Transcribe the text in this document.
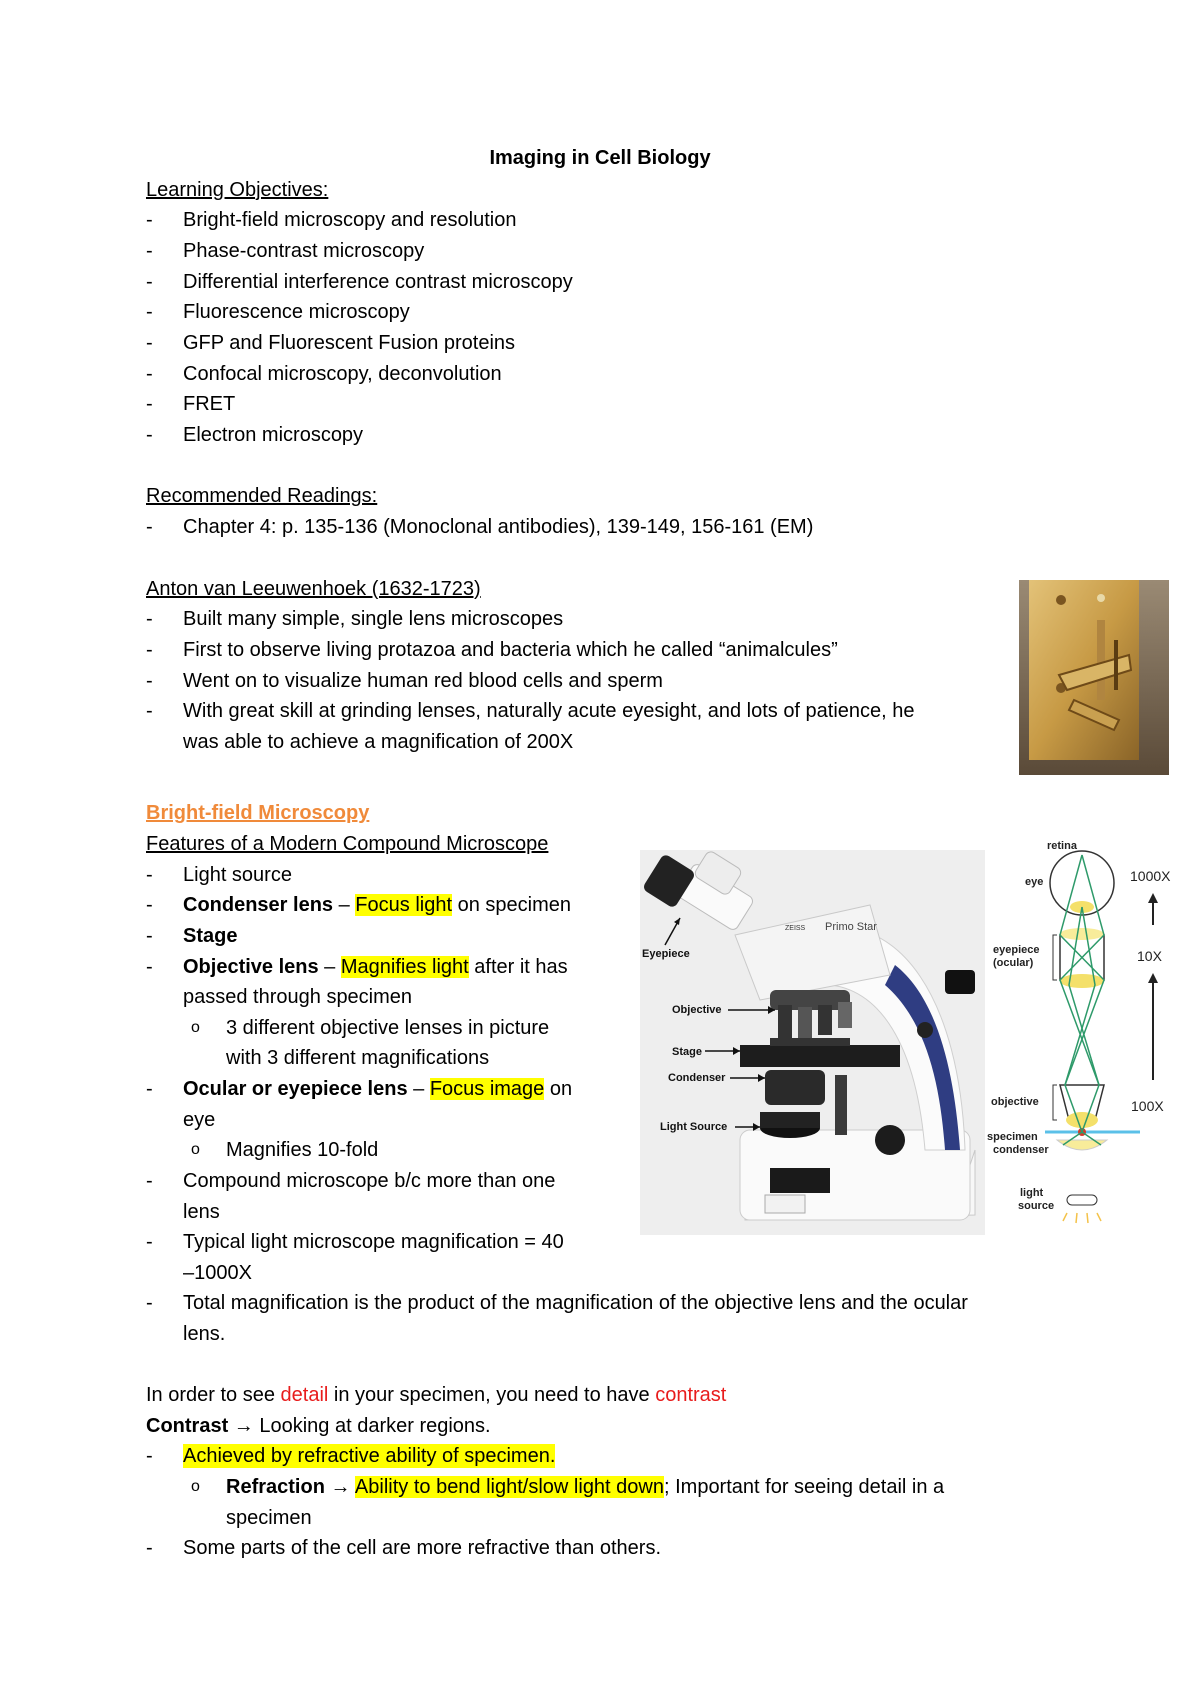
Imaging in Cell Biology
Learning Objectives:
- Bright-field microscopy and resolution
- Phase-contrast microscopy
- Differential interference contrast microscopy
- Fluorescence microscopy
- GFP and Fluorescent Fusion proteins
- Confocal microscopy, deconvolution
- FRET
- Electron microscopy
Recommended Readings:
- Chapter 4: p. 135-136 (Monoclonal antibodies), 139-149, 156-161 (EM)
Anton van Leeuwenhoek (1632-1723)
- Built many simple, single lens microscopes
- First to observe living protazoa and bacteria which he called “animalcules”
- Went on to visualize human red blood cells and sperm
- With great skill at grinding lenses, naturally acute eyesight, and lots of patience, he
was able to achieve a magnification of 200X
Bright-field Microscopy
Features of a Modern Compound Microscope
- Light source
- Condenser lens – Focus light on specimen
- Stage
- Objective lens – Magnifies light after it has
passed through specimen
o 3 different objective lenses in picture
with 3 different magnifications
- Ocular or eyepiece lens – Focus image on
eye
o Magnifies 10-fold
- Compound microscope b/c more than one
lens
- Typical light microscope magnification = 40
–1000X
- Total magnification is the product of the magnification of the objective lens and the ocular
lens.
ZEISS Primo Star
Eyepiece
Objective
Stage
Condenser
Light Source
retina
eye
eyepiece
(ocular)
objective
specimen
condenser
light
source
1000X
10X
100X
In order to see detail in your specimen, you need to have contrast
Contrast → Looking at darker regions.
- Achieved by refractive ability of specimen.
o Refraction → Ability to bend light/slow light down; Important for seeing detail in a
specimen
- Some parts of the cell are more refractive than others.
